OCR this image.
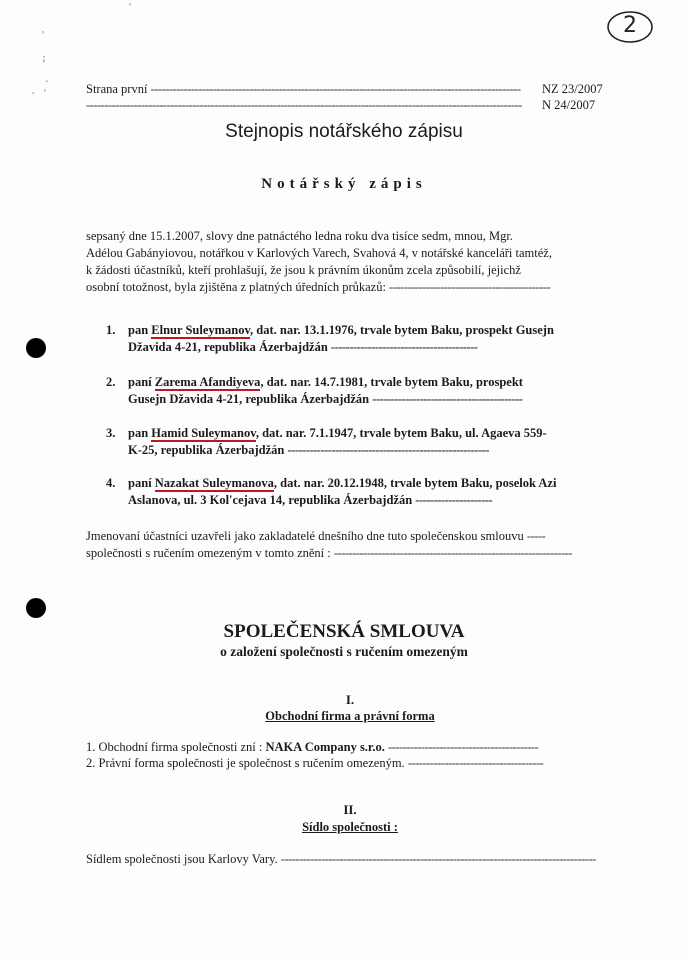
2
'
'
;
-
- '	Strana první -----------------------------------------------------------------------------------------------------	NZ 23/2007
-----------------------------------------------------------------------------------------------------------------------	N 24/2007
Stejnopis notářského zápisu
Notářský zápis
sepsaný dne 15.1.2007, slovy dne patnáctého ledna roku dva tisíce sedm, mnou, Mgr.
Adélou Gabányiovou, notářkou v Karlových Varech, Svahová 4, v notářské kanceláři tamtéž,
k žádosti účastníků, kteří prohlašují, že jsou k právním úkonům zcela způsobilí, jejichž
osobní totožnost, byla zjištěna z platných úředních průkazů: --------------------------------------------
1. pan Elnur Suleymanov, dat. nar. 13.1.1976, trvale bytem Baku, prospekt Gusejn
Džavida 4-21, republika Ázerbajdžán ----------------------------------------
2. paní Zarema Afandiyeva, dat. nar. 14.7.1981, trvale bytem Baku, prospekt
Gusejn Džavida 4-21, republika Ázerbajdžán -----------------------------------------
3. pan Hamid Suleymanov, dat. nar. 7.1.1947, trvale bytem Baku, ul. Agaeva 559-
K-25, republika Ázerbajdžán -------------------------------------------------------
4. paní Nazakat Suleymanova, dat. nar. 20.12.1948, trvale bytem Baku, poselok Azi
Aslanova, ul. 3 Kol'cejava 14, republika Ázerbajdžán ---------------------
Jmenovaní účastníci uzavřeli jako zakladatelé dnešního dne tuto společenskou smlouvu -----
společnosti s ručením omezeným v tomto znění : -----------------------------------------------------------------
SPOLEČENSKÁ SMLOUVA
o založení společnosti s ručením omezeným
I.
Obchodní firma a právní forma
1. Obchodní firma společnosti zní : NAKA Company s.r.o. -----------------------------------------
2. Právní forma společnosti je společnost s ručením omezeným. -------------------------------------
II.
Sídlo společnosti :
Sídlem společnosti jsou Karlovy Vary. --------------------------------------------------------------------------------------
